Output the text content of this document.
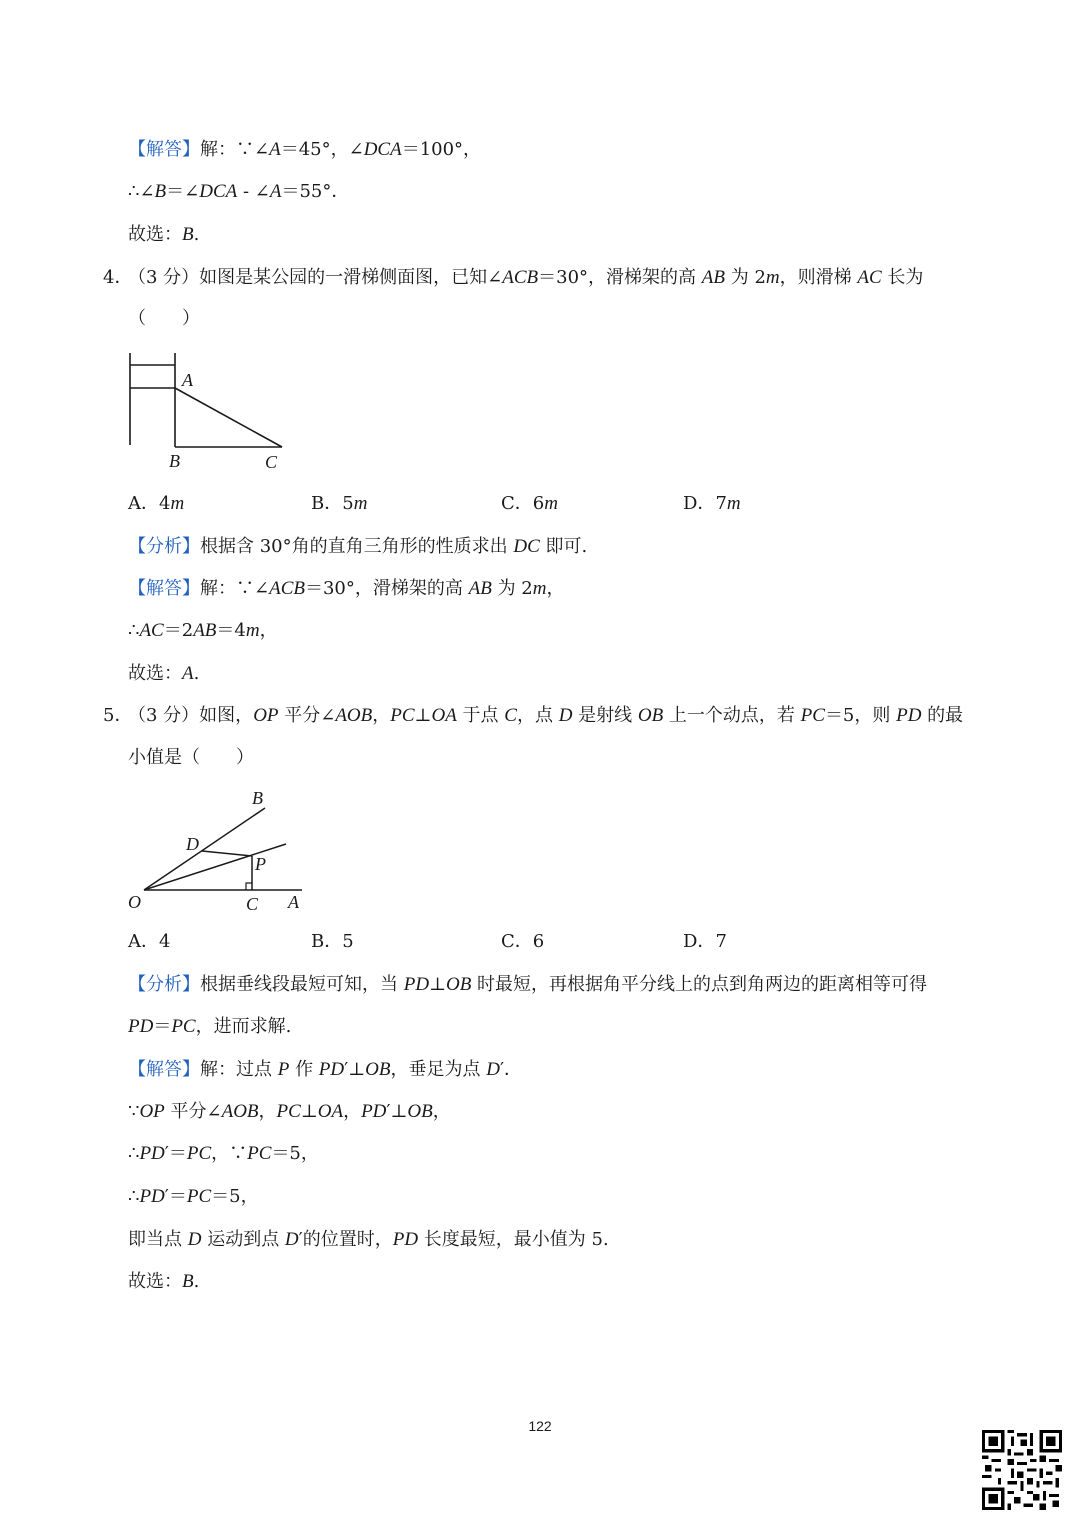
【解答】解：∵∠A＝45°，∠DCA＝100°，
∴∠B＝∠DCA - ∠A＝55°．
故选：B.
4．
（3 分）如图是某公园的一滑梯侧面图，已知∠ACB＝30°，滑梯架的高 AB 为 2m，则滑梯 AC 长为
（　　）
A
B	C
A．4m	B．5m	C．6m	D．7m
【分析】根据含 30°角的直角三角形的性质求出 DC 即可.
【解答】解：∵∠ACB＝30°，滑梯架的高 AB 为 2m，
∴AC＝2AB＝4m，
故选：A.
5．
（3 分）如图，OP 平分∠AOB，PC⊥OA 于点 C，点 D 是射线 OB 上一个动点，若 PC＝5，则 PD 的最
小值是（　　）
B
D
P
O	C A
A．4	B．5	C．6	D．7
【分析】根据垂线段最短可知，当 PD⊥OB 时最短，再根据角平分线上的点到角两边的距离相等可得
PD＝PC，进而求解.
【解答】解：过点 P 作 PD′⊥OB，垂足为点 D′．
∵OP 平分∠AOB，PC⊥OA，PD′⊥OB，
∴PD′＝PC，∵PC＝5，
∴PD′＝PC＝5，
即当点 D 运动到点 D′的位置时，PD 长度最短，最小值为 5.
故选：B.
122
